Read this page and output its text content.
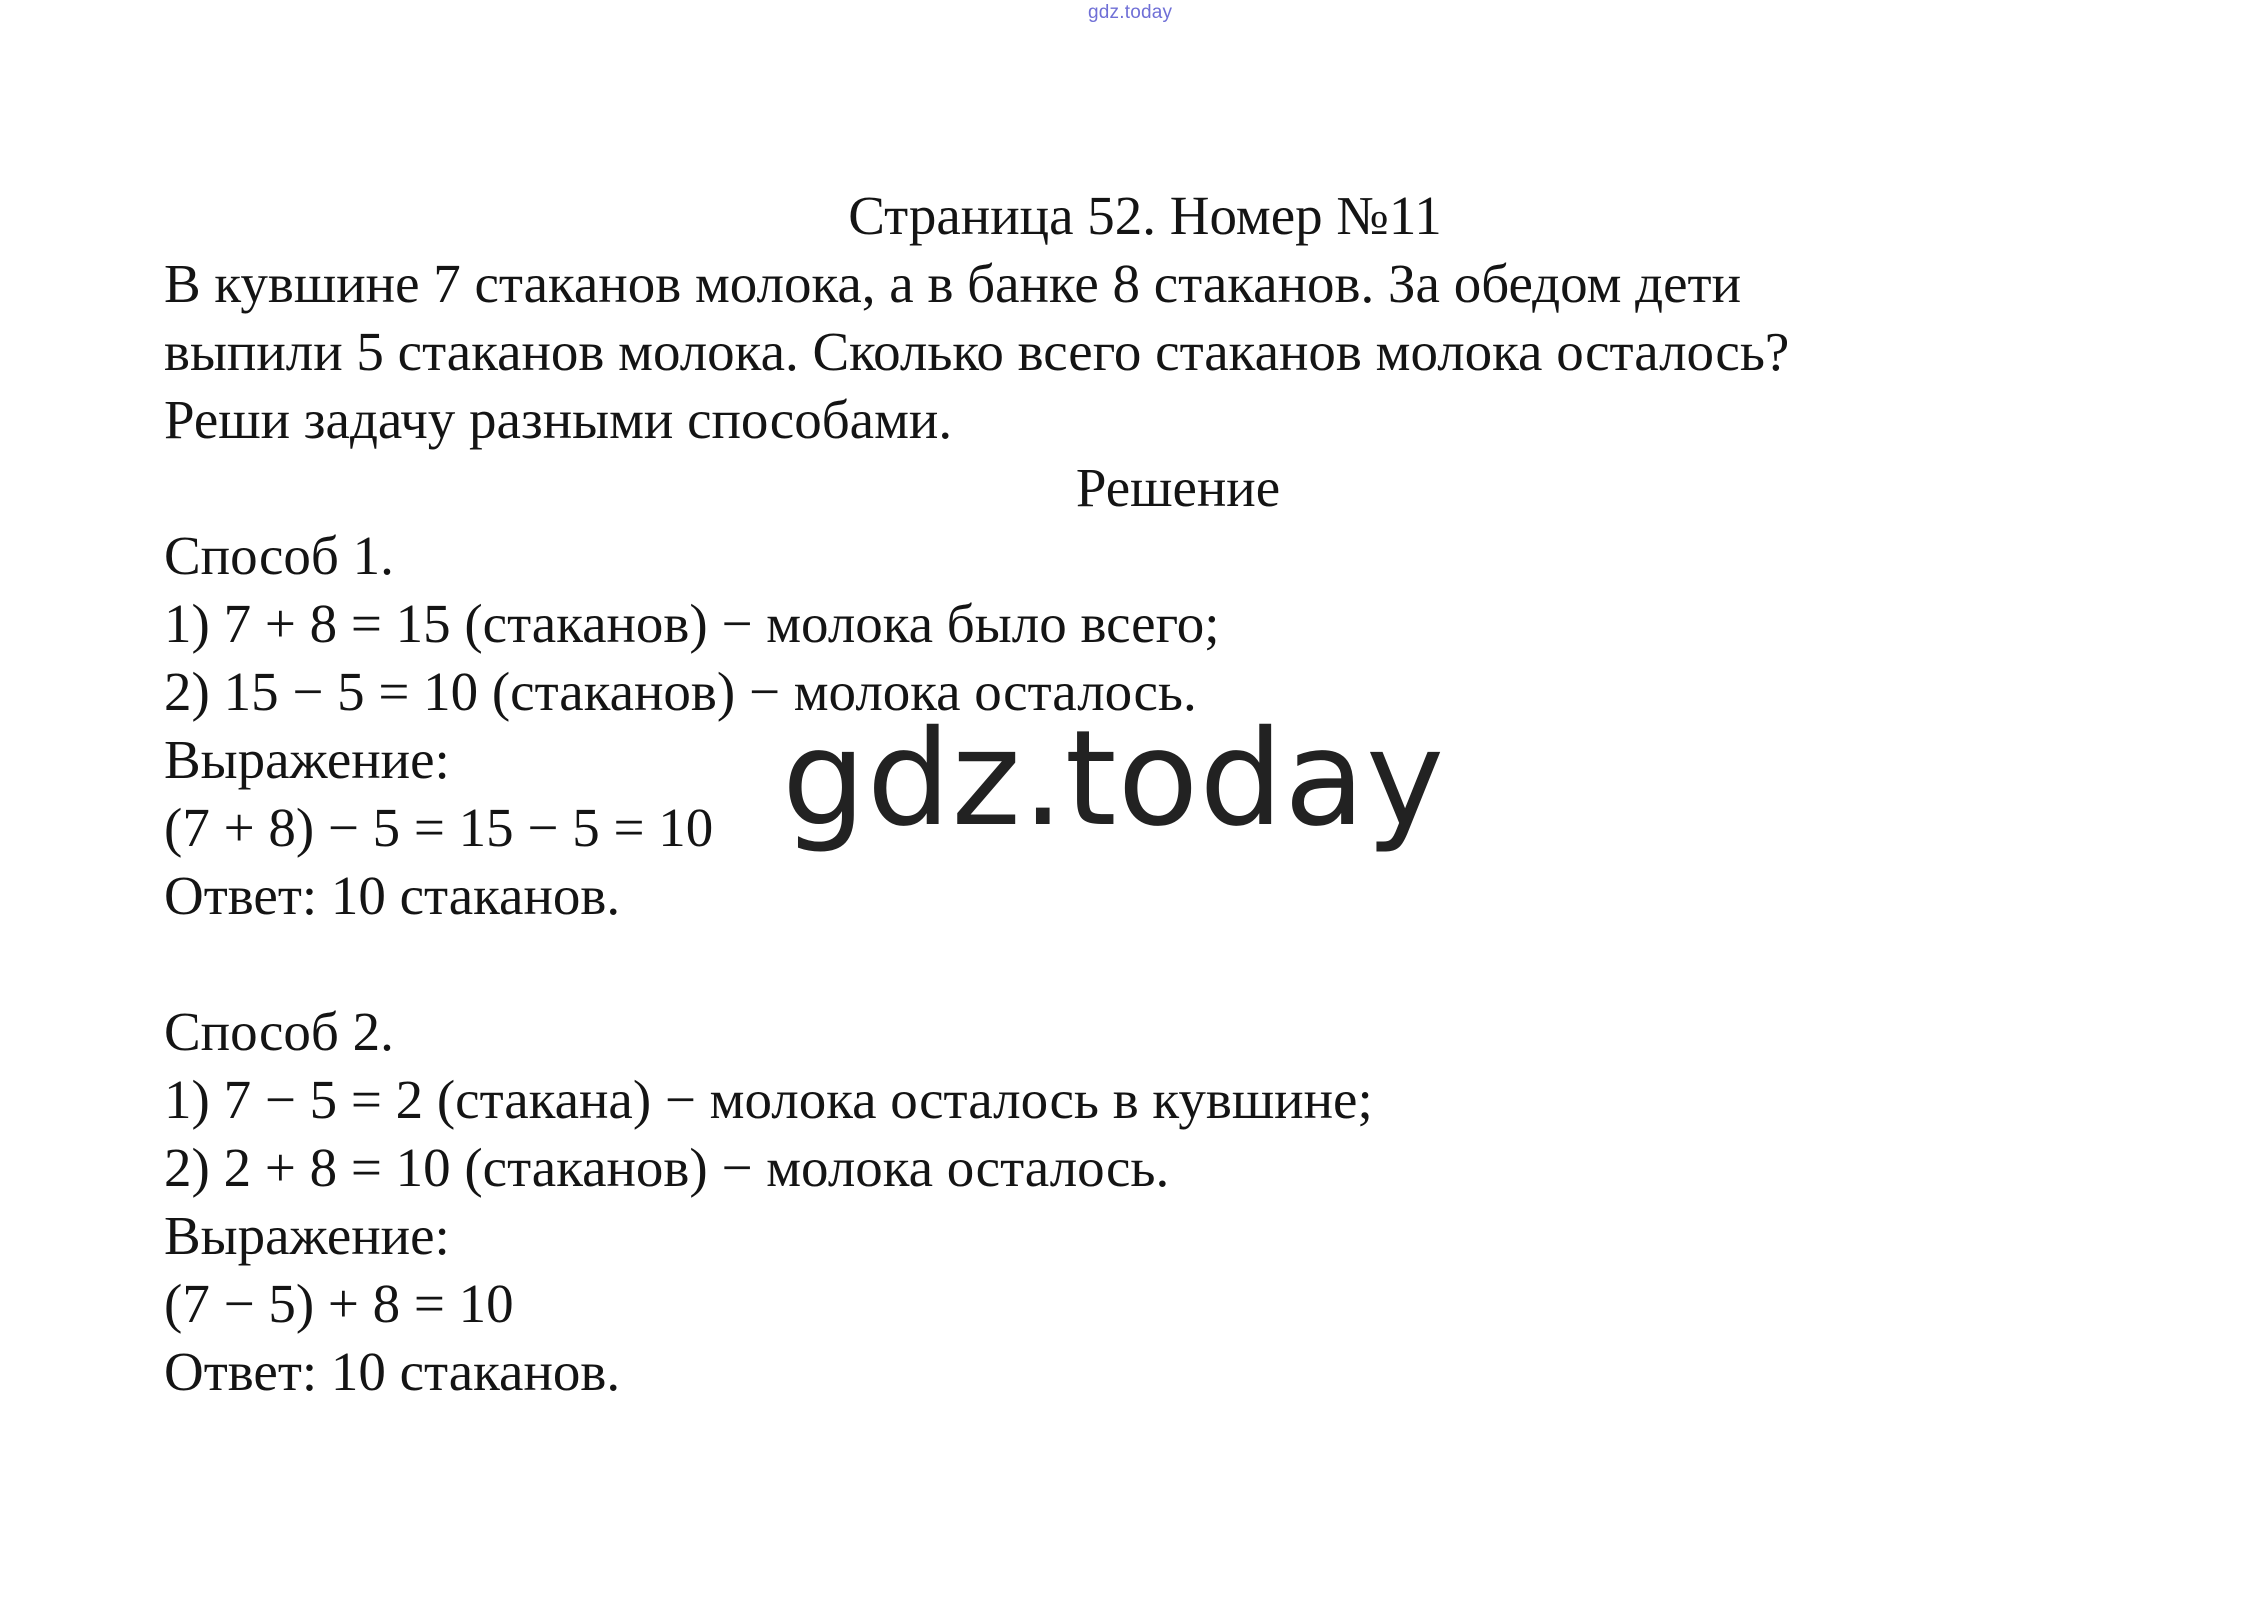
gdz.today
Страница 52. Номер №11
В кувшине 7 стаканов молока, а в банке 8 стаканов. За обедом дети
выпили 5 стаканов молока. Сколько всего стаканов молока осталось?
Реши задачу разными способами.
Решение
Способ 1.
1) 7 + 8 = 15 (стаканов) − молока было всего;
2) 15 − 5 = 10 (стаканов) − молока осталось.
Выражение:
(7 + 8) − 5 = 15 − 5 = 10
Ответ: 10 стаканов.
Способ 2.
1) 7 − 5 = 2 (стакана) − молока осталось в кувшине;
2) 2 + 8 = 10 (стаканов) − молока осталось.
Выражение:
(7 − 5) + 8 = 10
Ответ: 10 стаканов.
gdz.today
